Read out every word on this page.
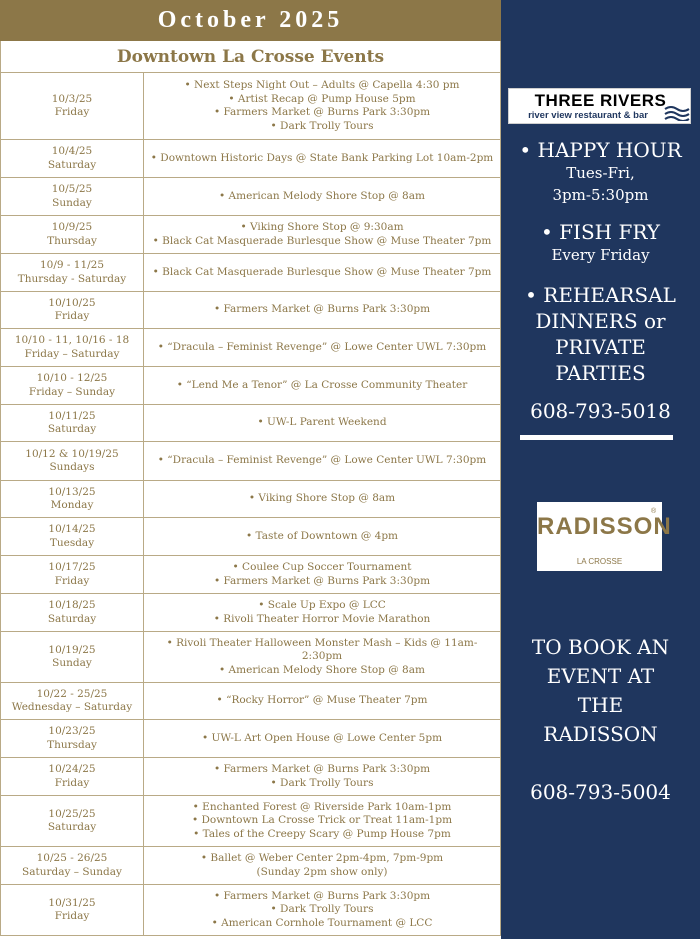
October 2025
Downtown La Crosse Events
10/3/25
Friday	• Next Steps Night Out – Adults @ Capella 4:30 pm
• Artist Recap @ Pump House 5pm
• Farmers Market @ Burns Park 3:30pm
• Dark Trolly Tours

10/4/25
Saturday	• Downtown Historic Days @ State Bank Parking Lot 10am-2pm

10/5/25
Sunday	• American Melody Shore Stop @ 8am

10/9/25
Thursday	• Viking Shore Stop @ 9:30am
• Black Cat Masquerade Burlesque Show @ Muse Theater 7pm

10/9 - 11/25
Thursday - Saturday	• Black Cat Masquerade Burlesque Show @ Muse Theater 7pm

10/10/25
Friday	• Farmers Market @ Burns Park 3:30pm

10/10 - 11, 10/16 - 18
Friday – Saturday	• “Dracula – Feminist Revenge” @ Lowe Center UWL 7:30pm

10/10 - 12/25
Friday – Sunday	• “Lend Me a Tenor” @ La Crosse Community Theater

10/11/25
Saturday	• UW-L Parent Weekend

10/12 & 10/19/25
Sundays	• “Dracula – Feminist Revenge” @ Lowe Center UWL 7:30pm

10/13/25
Monday	• Viking Shore Stop @ 8am

10/14/25
Tuesday	• Taste of Downtown @ 4pm

10/17/25
Friday	• Coulee Cup Soccer Tournament
• Farmers Market @ Burns Park 3:30pm

10/18/25
Saturday	• Scale Up Expo @ LCC
• Rivoli Theater Horror Movie Marathon

10/19/25
Sunday	• Rivoli Theater Halloween Monster Mash – Kids @ 11am-2:30pm
• American Melody Shore Stop @ 8am

10/22 - 25/25
Wednesday – Saturday	• “Rocky Horror” @ Muse Theater 7pm

10/23/25
Thursday	• UW-L Art Open House @ Lowe Center 5pm

10/24/25
Friday	• Farmers Market @ Burns Park 3:30pm
• Dark Trolly Tours

10/25/25
Saturday	• Enchanted Forest @ Riverside Park 10am-1pm
• Downtown La Crosse Trick or Treat 11am-1pm
• Tales of the Creepy Scary @ Pump House 7pm

10/25 - 26/25
Saturday – Sunday	• Ballet @ Weber Center 2pm-4pm, 7pm-9pm
(Sunday 2pm show only)

10/31/25
Friday	• Farmers Market @ Burns Park 3:30pm
• Dark Trolly Tours
• American Cornhole Tournament @ LCC
THREE RIVERS
river view restaurant & bar
• HAPPY HOUR
Tues-Fri,
3pm-5:30pm
• FISH FRY
Every Friday
• REHEARSAL
DINNERS or
PRIVATE
PARTIES
608-793-5018
RADISSON
®
LA CROSSE
TO BOOK AN
EVENT AT
THE
RADISSON
608-793-5004
